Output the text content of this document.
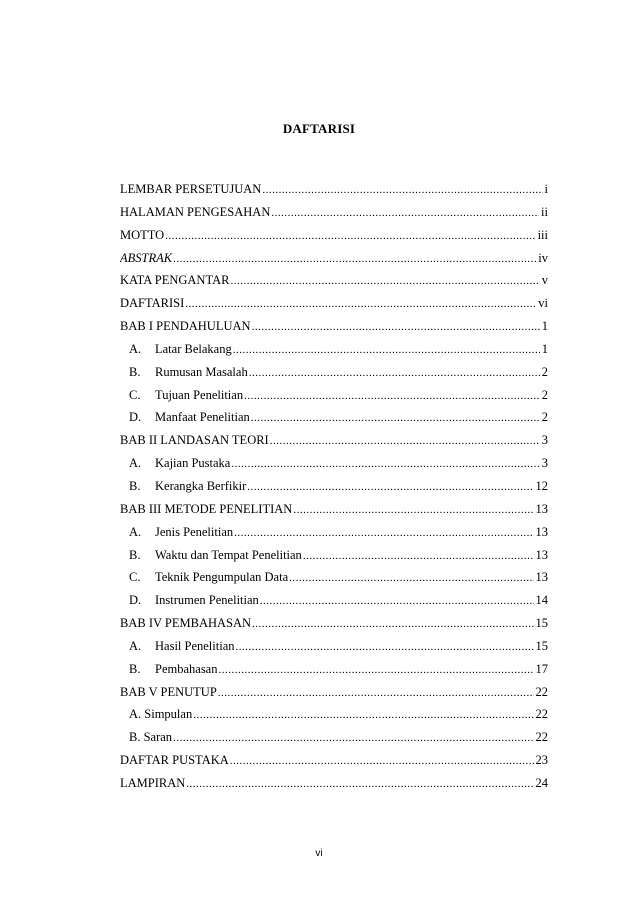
DAFTARISI
LEMBAR PERSETUJUAN .....	i
HALAMAN PENGESAHAN .....	ii
MOTTO .....	iii
ABSTRAK .....	iv
KATA PENGANTAR .....	v
DAFTARISI .....	vi
BAB I PENDAHULUAN .....	1
A.	Latar Belakang .....	1
B.	Rumusan Masalah .....	2
C.	Tujuan Penelitian .....	2
D.	Manfaat Penelitian .....	2
BAB II LANDASAN TEORI .....	3
A.	Kajian Pustaka .....	3
B.	Kerangka Berfikir .....	12
BAB III METODE PENELITIAN .....	13
A.	Jenis Penelitian .....	13
B.	Waktu dan Tempat Penelitian .....	13
C.	Teknik Pengumpulan Data .....	13
D.	Instrumen Penelitian .....	14
BAB IV PEMBAHASAN .....	15
A.	Hasil Penelitian .....	15
B.	Pembahasan .....	17
BAB V PENUTUP .....	22
A. Simpulan .....	22
B. Saran .....	22
DAFTAR PUSTAKA .....	23
LAMPIRAN .....	24
vi
